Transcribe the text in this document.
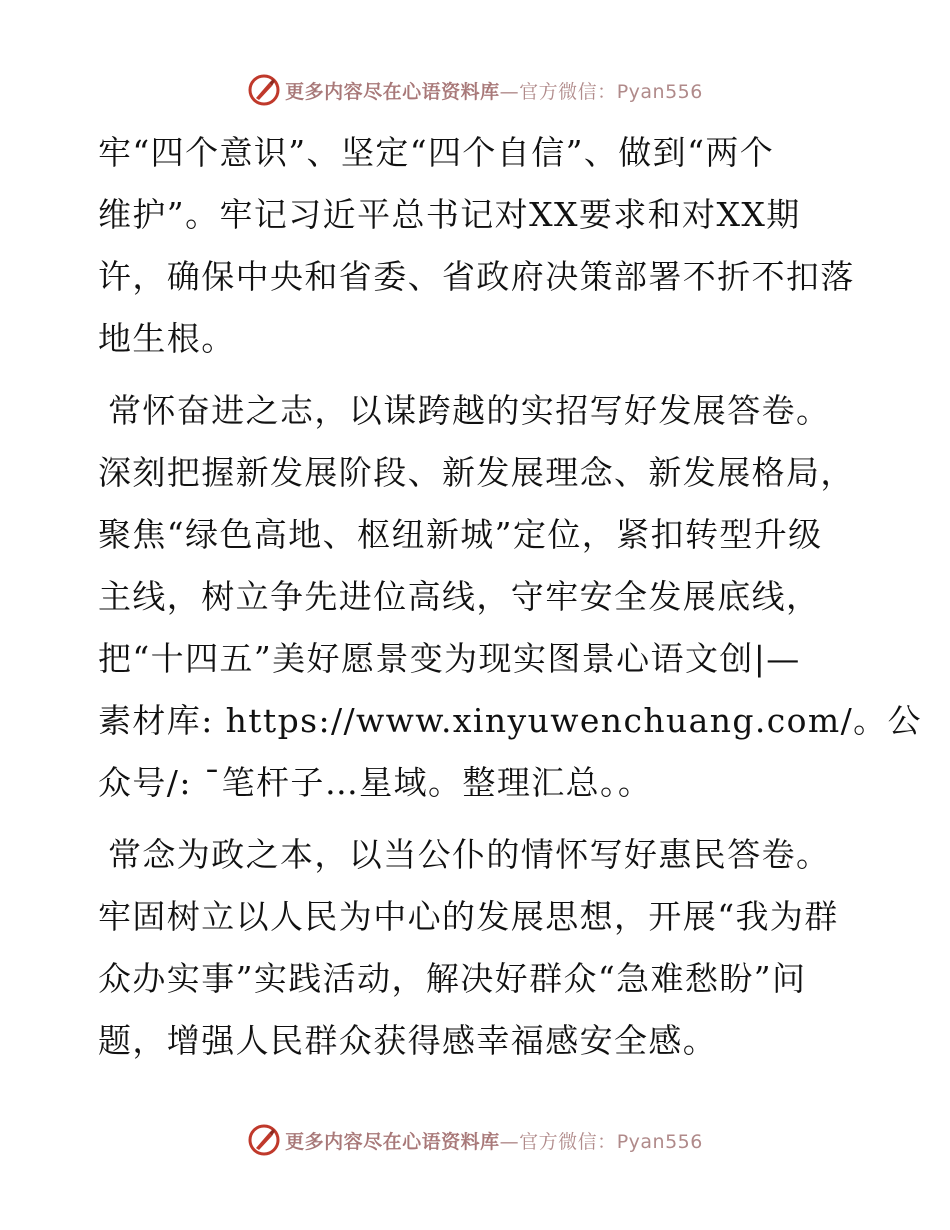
更多内容尽在心语资料库—官方微信：Pyan556
牢“四个意识”、坚定“四个自信”、做到“两个
维护”。牢记习近平总书记对XX要求和对XX期
许，确保中央和省委、省政府决策部署不折不扣落
地生根。
常怀奋进之志，以谋跨越的实招写好发展答卷。
深刻把握新发展阶段、新发展理念、新发展格局，
聚焦“绿色高地、枢纽新城”定位，紧扣转型升级
主线，树立争先进位高线，守牢安全发展底线，
把“十四五”美好愿景变为现实图景心语文创|—
素材库: https://www.xinyuwenchuang.com/。公
众号/: ¯笔杆子…星域。整理汇总。。
常念为政之本，以当公仆的情怀写好惠民答卷。
牢固树立以人民为中心的发展思想，开展“我为群
众办实事”实践活动，解决好群众“急难愁盼”问
题，增强人民群众获得感幸福感安全感。
更多内容尽在心语资料库—官方微信：Pyan556
